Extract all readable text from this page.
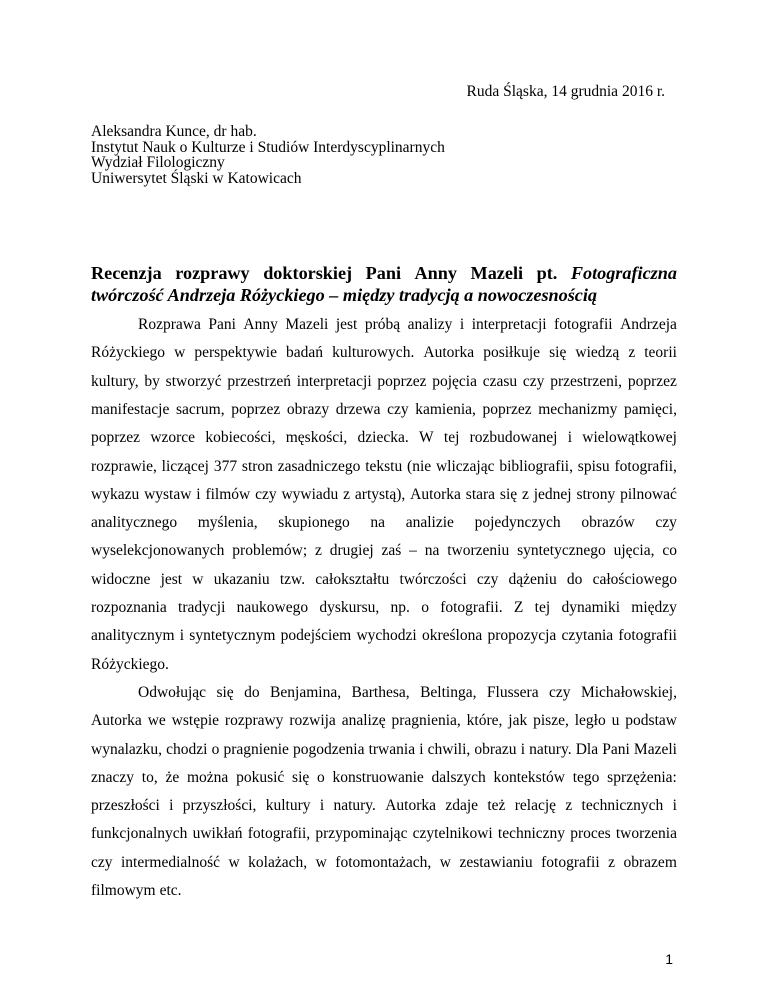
Ruda Śląska, 14 grudnia 2016 r.
Aleksandra Kunce, dr hab.
Instytut Nauk o Kulturze i Studiów Interdyscyplinarnych
Wydział Filologiczny
Uniwersytet Śląski w Katowicach
Recenzja rozprawy doktorskiej Pani Anny Mazeli pt. Fotograficzna
twórczość Andrzeja Różyckiego – między tradycją a nowoczesnością
Rozprawa Pani Anny Mazeli jest próbą analizy i interpretacji fotografii Andrzeja
Różyckiego w perspektywie badań kulturowych. Autorka posiłkuje się wiedzą z teorii
kultury, by stworzyć przestrzeń interpretacji poprzez pojęcia czasu czy przestrzeni, poprzez
manifestacje sacrum, poprzez obrazy drzewa czy kamienia, poprzez mechanizmy pamięci,
poprzez wzorce kobiecości, męskości, dziecka. W tej rozbudowanej i wielowątkowej
rozprawie, liczącej 377 stron zasadniczego tekstu (nie wliczając bibliografii, spisu fotografii,
wykazu wystaw i filmów czy wywiadu z artystą), Autorka stara się z jednej strony pilnować
analitycznego myślenia, skupionego na analizie pojedynczych obrazów czy
wyselekcjonowanych problemów; z drugiej zaś – na tworzeniu syntetycznego ujęcia, co
widoczne jest w ukazaniu tzw. całokształtu twórczości czy dążeniu do całościowego
rozpoznania tradycji naukowego dyskursu, np. o fotografii. Z tej dynamiki między
analitycznym i syntetycznym podejściem wychodzi określona propozycja czytania fotografii
Różyckiego.
Odwołując się do Benjamina, Barthesa, Beltinga, Flussera czy Michałowskiej,
Autorka we wstępie rozprawy rozwija analizę pragnienia, które, jak pisze, legło u podstaw
wynalazku, chodzi o pragnienie pogodzenia trwania i chwili, obrazu i natury. Dla Pani Mazeli
znaczy to, że można pokusić się o konstruowanie dalszych kontekstów tego sprzężenia:
przeszłości i przyszłości, kultury i natury. Autorka zdaje też relację z technicznych i
funkcjonalnych uwikłań fotografii, przypominając czytelnikowi techniczny proces tworzenia
czy intermedialność w kolażach, w fotomontażach, w zestawianiu fotografii z obrazem
filmowym etc.
1
